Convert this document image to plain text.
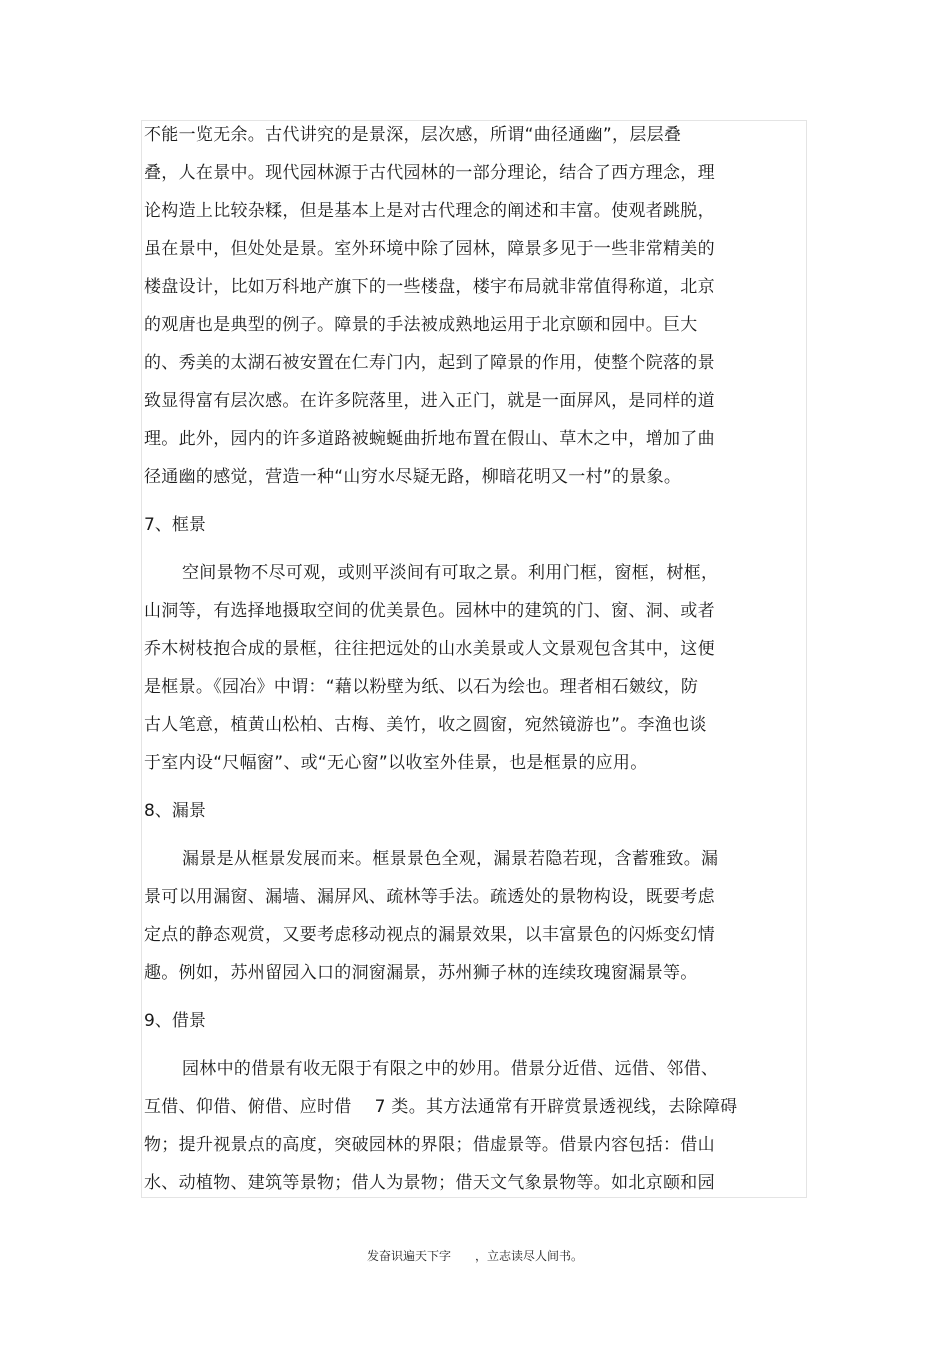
不能一览无余。古代讲究的是景深，层次感，所谓“曲径通幽”，层层叠
叠，人在景中。现代园林源于古代园林的一部分理论，结合了西方理念，理
论构造上比较杂糅，但是基本上是对古代理念的阐述和丰富。使观者跳脱，
虽在景中，但处处是景。室外环境中除了园林，障景多见于一些非常精美的
楼盘设计，比如万科地产旗下的一些楼盘，楼宇布局就非常值得称道，北京
的观唐也是典型的例子。障景的手法被成熟地运用于北京颐和园中。巨大
的、秀美的太湖石被安置在仁寿门内，起到了障景的作用，使整个院落的景
致显得富有层次感。在许多院落里，进入正门，就是一面屏风，是同样的道
理。此外，园内的许多道路被蜿蜒曲折地布置在假山、草木之中，增加了曲
径通幽的感觉，营造一种“山穷水尽疑无路，柳暗花明又一村”的景象。
7、框景
空间景物不尽可观，或则平淡间有可取之景。利用门框，窗框，树框，
山洞等，有选择地摄取空间的优美景色。园林中的建筑的门、窗、洞、或者
乔木树枝抱合成的景框，往往把远处的山水美景或人文景观包含其中，这便
是框景。《园冶》中谓：“藉以粉壁为纸、以石为绘也。理者相石皴纹，防
古人笔意，植黄山松柏、古梅、美竹，收之圆窗，宛然镜游也”。李渔也谈
于室内设“尺幅窗”、或“无心窗”以收室外佳景，也是框景的应用。
8、漏景
漏景是从框景发展而来。框景景色全观，漏景若隐若现，含蓄雅致。漏
景可以用漏窗、漏墙、漏屏风、疏林等手法。疏透处的景物构设，既要考虑
定点的静态观赏，又要考虑移动视点的漏景效果，以丰富景色的闪烁变幻情
趣。例如，苏州留园入口的洞窗漏景，苏州狮子林的连续玫瑰窗漏景等。
9、借景
园林中的借景有收无限于有限之中的妙用。借景分近借、远借、邻借、
互借、仰借、俯借、应时借　 7 类。其方法通常有开辟赏景透视线，去除障碍
物；提升视景点的高度，突破园林的界限；借虚景等。借景内容包括：借山
水、动植物、建筑等景物；借人为景物；借天文气象景物等。如北京颐和园
发奋识遍天下字　　，立志读尽人间书。
